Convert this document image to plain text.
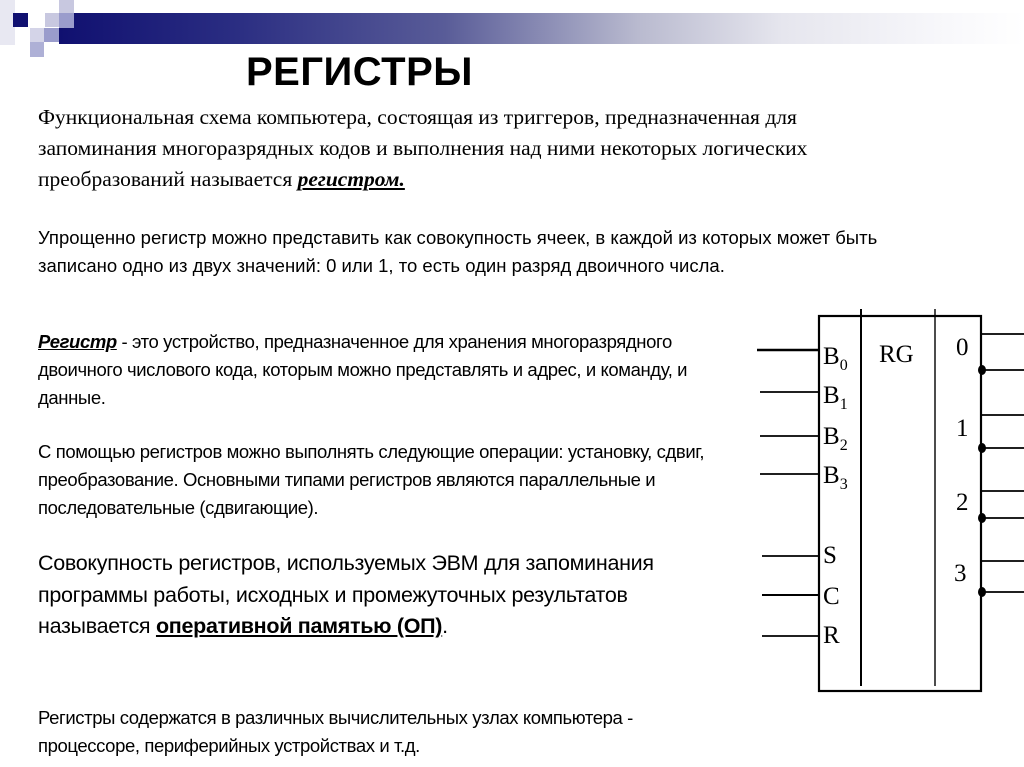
РЕГИСТРЫ

Функциональная схема компьютера, состоящая из триггеров, предназначенная для запоминания многоразрядных кодов и выполнения над ними некоторых логических преобразований называется регистром.

Упрощенно регистр можно представить как совокупность ячеек, в каждой из которых может быть записано одно из двух значений: 0 или 1, то есть один разряд двоичного числа.

Регистр - это устройство, предназначенное для хранения многоразрядного двоичного числового кода, которым можно представлять и адрес, и команду, и данные.

С помощью регистров можно выполнять следующие операции: установку, сдвиг, преобразование. Основными типами регистров являются параллельные и последовательные (сдвигающие).

Совокупность регистров, используемых ЭВМ для запоминания программы работы, исходных и промежуточных результатов называется оперативной памятью (ОП).

Регистры содержатся в различных вычислительных узлах компьютера - процессоре, периферийных устройствах и т.д.

RG
$B_0$
$B_1$
$B_2$
$B_3$
S
C
R
0
1
2
3
